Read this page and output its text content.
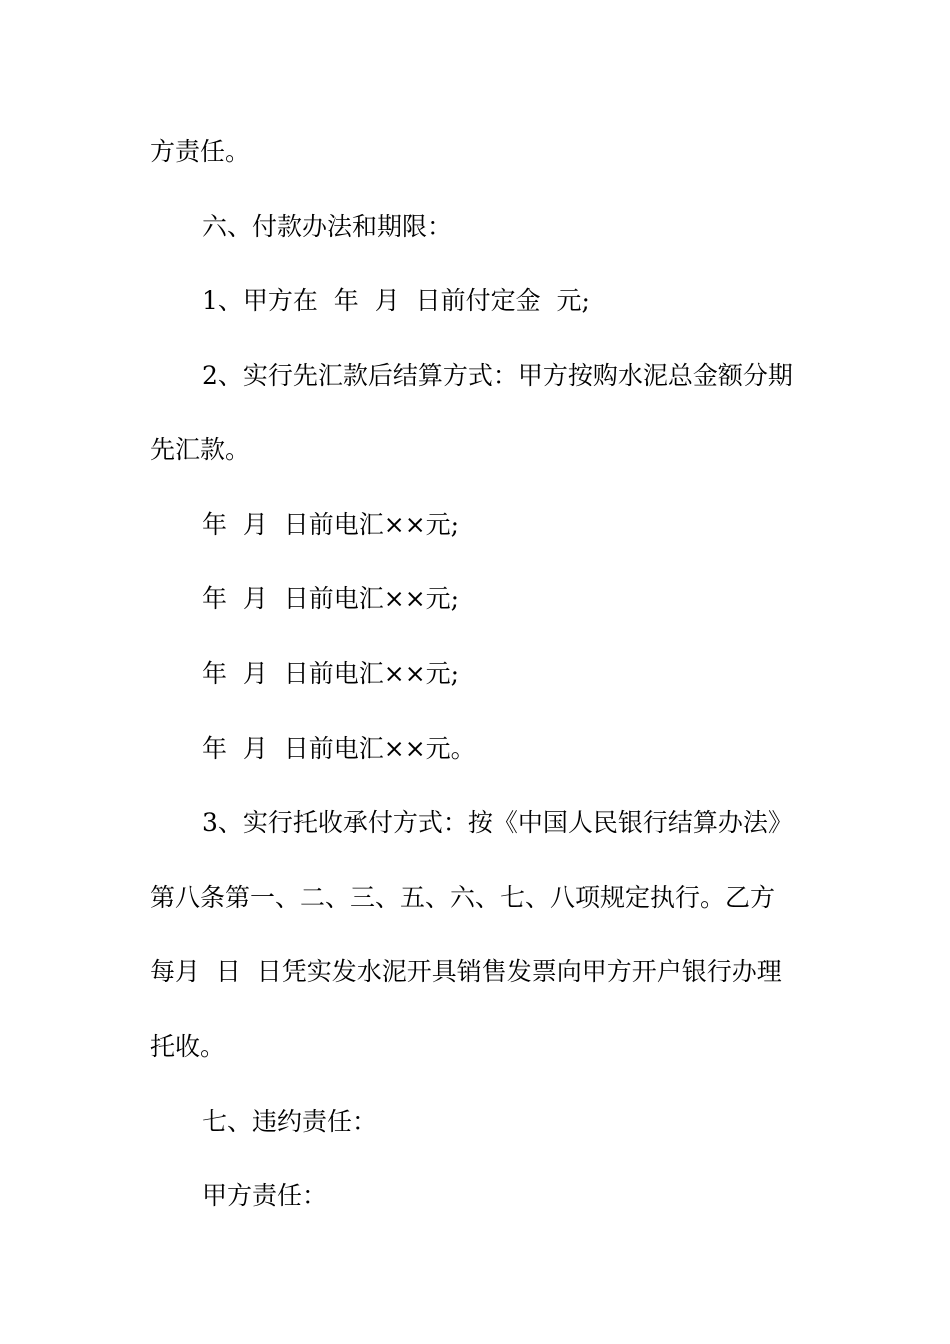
方责任。
六、付款办法和期限：
1、甲方在  年  月  日前付定金  元;
2、实行先汇款后结算方式：甲方按购水泥总金额分期
先汇款。
年  月  日前电汇××元;
年  月  日前电汇××元;
年  月  日前电汇××元;
年  月  日前电汇××元。
3、实行托收承付方式：按《中国人民银行结算办法》
第八条第一、二、三、五、六、七、八项规定执行。乙方
每月  日  日凭实发水泥开具销售发票向甲方开户银行办理
托收。
七、违约责任：
甲方责任：
